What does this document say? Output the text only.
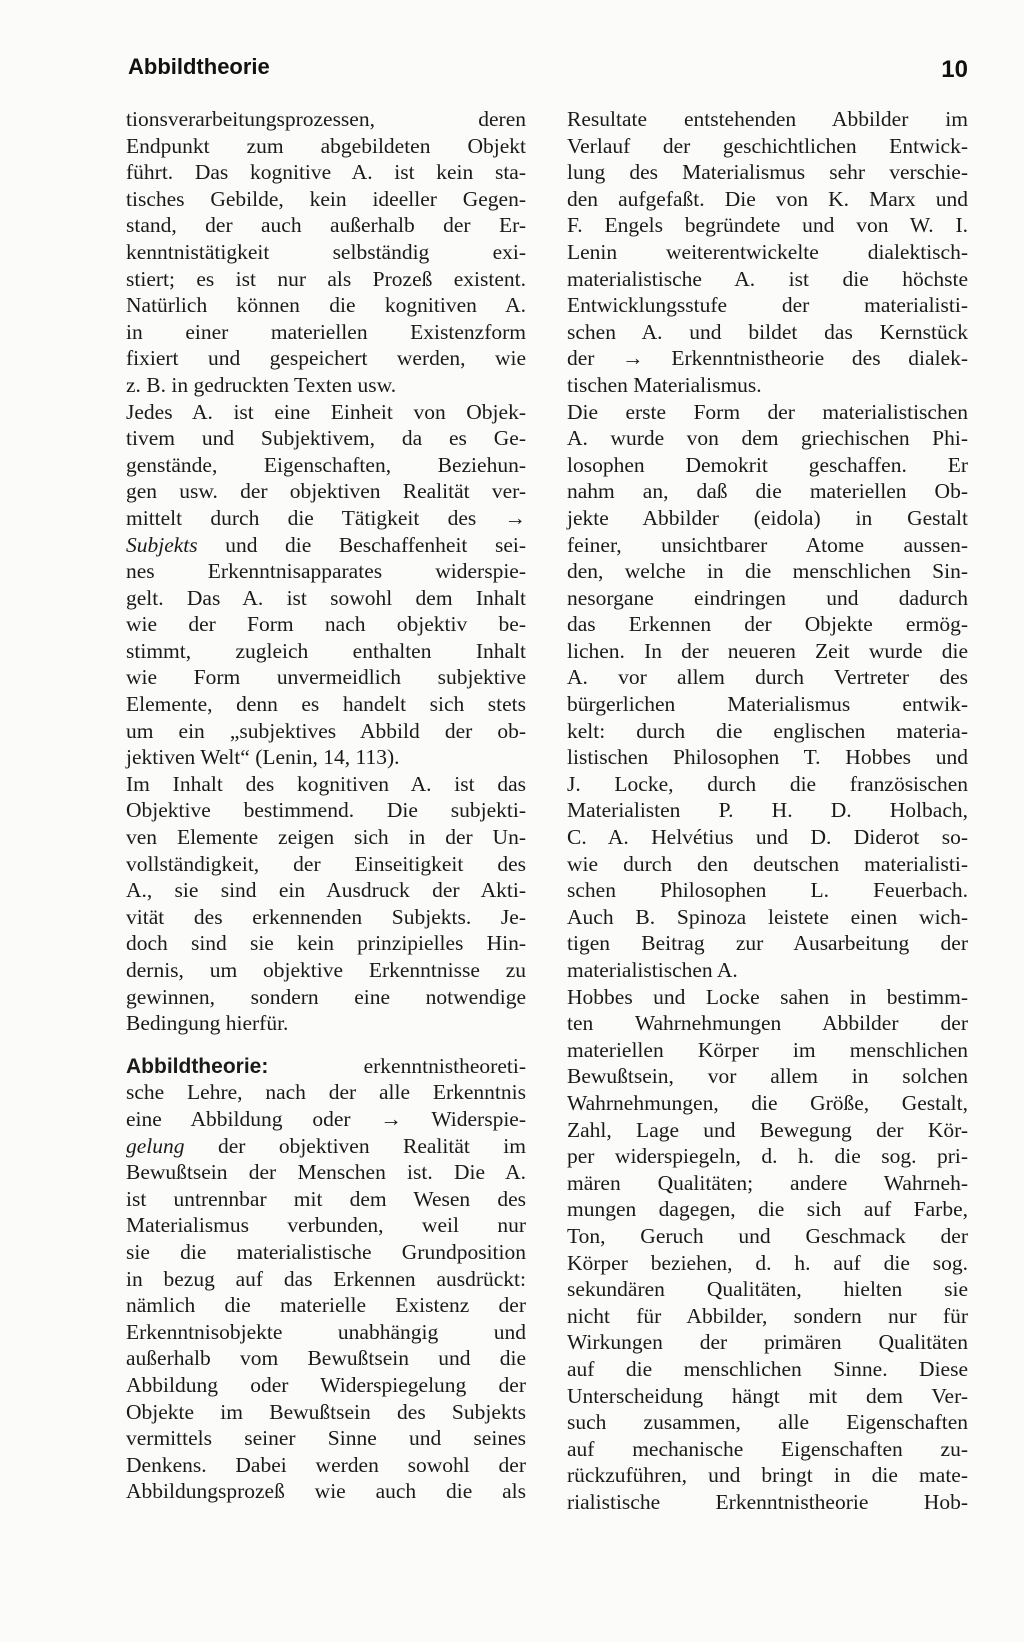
Abbildtheorie	10
tionsverarbeitungsprozessen, deren
Endpunkt zum abgebildeten Objekt
führt. Das kognitive A. ist kein sta-
tisches Gebilde, kein ideeller Gegen-
stand, der auch außerhalb der Er-
kenntnistätigkeit selbständig exi-
stiert; es ist nur als Prozeß existent.
Natürlich können die kognitiven A.
in einer materiellen Existenzform
fixiert und gespeichert werden, wie
z. B. in gedruckten Texten usw.
Jedes A. ist eine Einheit von Objek-
tivem und Subjektivem, da es Ge-
genstände, Eigenschaften, Beziehun-
gen usw. der objektiven Realität ver-
mittelt durch die Tätigkeit des →
Subjekts und die Beschaffenheit sei-
nes Erkenntnisapparates widerspie-
gelt. Das A. ist sowohl dem Inhalt
wie der Form nach objektiv be-
stimmt, zugleich enthalten Inhalt
wie Form unvermeidlich subjektive
Elemente, denn es handelt sich stets
um ein „subjektives Abbild der ob-
jektiven Welt“ (Lenin, 14, 113).
Im Inhalt des kognitiven A. ist das
Objektive bestimmend. Die subjekti-
ven Elemente zeigen sich in der Un-
vollständigkeit, der Einseitigkeit des
A., sie sind ein Ausdruck der Akti-
vität des erkennenden Subjekts. Je-
doch sind sie kein prinzipielles Hin-
dernis, um objektive Erkenntnisse zu
gewinnen, sondern eine notwendige
Bedingung hierfür.
Abbildtheorie:	erkenntnistheoreti-
sche Lehre, nach der alle Erkenntnis
eine Abbildung oder → Widerspie-
gelung der objektiven Realität im
Bewußtsein der Menschen ist. Die A.
ist untrennbar mit dem Wesen des
Materialismus verbunden, weil nur
sie die materialistische Grundposition
in bezug auf das Erkennen ausdrückt:
nämlich die materielle Existenz der
Erkenntnisobjekte unabhängig und
außerhalb vom Bewußtsein und die
Abbildung oder Widerspiegelung der
Objekte im Bewußtsein des Subjekts
vermittels seiner Sinne und seines
Denkens. Dabei werden sowohl der
Abbildungsprozeß wie auch die als
Resultate entstehenden Abbilder im
Verlauf der geschichtlichen Entwick-
lung des Materialismus sehr verschie-
den aufgefaßt. Die von K. Marx und
F. Engels begründete und von W. I.
Lenin weiterentwickelte dialektisch-
materialistische A. ist die höchste
Entwicklungsstufe der materialisti-
schen A. und bildet das Kernstück
der → Erkenntnistheorie des dialek-
tischen Materialismus.
Die erste Form der materialistischen
A. wurde von dem griechischen Phi-
losophen Demokrit geschaffen. Er
nahm an, daß die materiellen Ob-
jekte Abbilder (eidola) in Gestalt
feiner, unsichtbarer Atome aussen-
den, welche in die menschlichen Sin-
nesorgane eindringen und dadurch
das Erkennen der Objekte ermög-
lichen. In der neueren Zeit wurde die
A. vor allem durch Vertreter des
bürgerlichen Materialismus entwik-
kelt: durch die englischen materia-
listischen Philosophen T. Hobbes und
J. Locke, durch die französischen
Materialisten P. H. D. Holbach,
C. A. Helvétius und D. Diderot so-
wie durch den deutschen materialisti-
schen Philosophen L. Feuerbach.
Auch B. Spinoza leistete einen wich-
tigen Beitrag zur Ausarbeitung der
materialistischen A.
Hobbes und Locke sahen in bestimm-
ten Wahrnehmungen Abbilder der
materiellen Körper im menschlichen
Bewußtsein, vor allem in solchen
Wahrnehmungen, die Größe, Gestalt,
Zahl, Lage und Bewegung der Kör-
per widerspiegeln, d. h. die sog. pri-
mären Qualitäten; andere Wahrneh-
mungen dagegen, die sich auf Farbe,
Ton, Geruch und Geschmack der
Körper beziehen, d. h. auf die sog.
sekundären Qualitäten, hielten sie
nicht für Abbilder, sondern nur für
Wirkungen der primären Qualitäten
auf die menschlichen Sinne. Diese
Unterscheidung hängt mit dem Ver-
such zusammen, alle Eigenschaften
auf mechanische Eigenschaften zu-
rückzuführen, und bringt in die mate-
rialistische Erkenntnistheorie Hob-
